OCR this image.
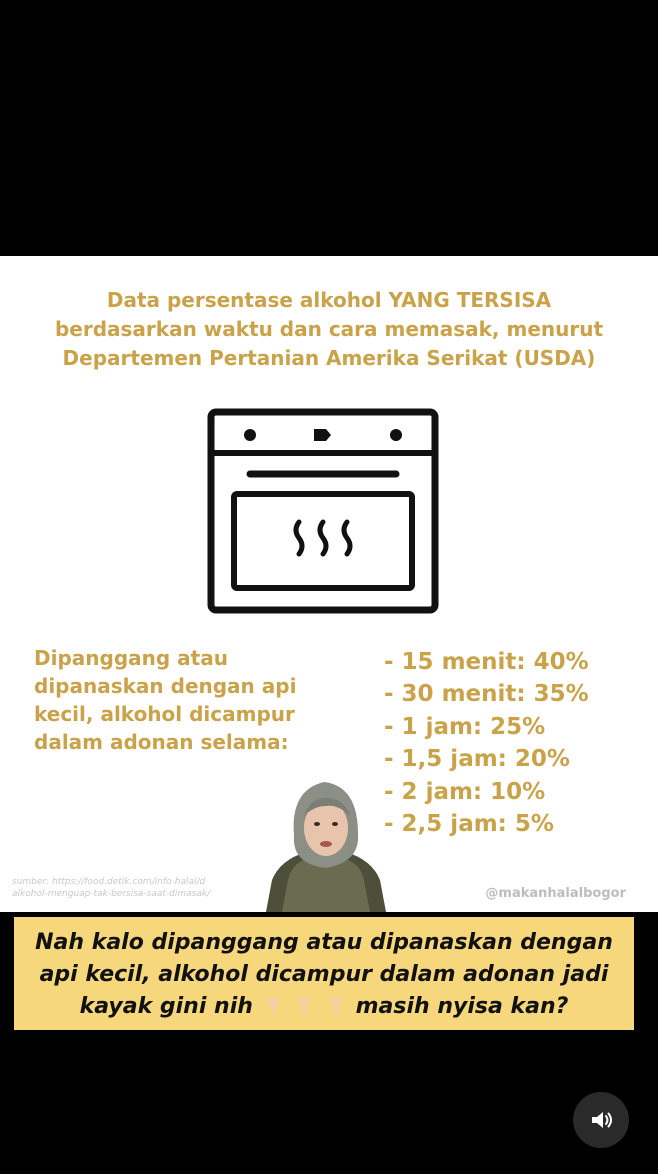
Data persentase alkohol YANG TERSISA
berdasarkan waktu dan cara memasak, menurut
Departemen Pertanian Amerika Serikat (USDA)
Dipanggang atau
dipanaskan dengan api
kecil, alkohol dicampur
dalam adonan selama:
- 15 menit: 40%
- 30 menit: 35%
- 1 jam: 25%
- 1,5 jam: 20%
- 2 jam: 10%
- 2,5 jam: 5%
sumber: https://food.detik.com/info-halal/d
alkohol-menguap-tak-bersisa-saat-dimasak/	@makanhalalbogor
Nah kalo dipanggang atau dipanaskan dengan
api kecil, alkohol dicampur dalam adonan jadi
kayak gini nih	masih nyisa kan?
